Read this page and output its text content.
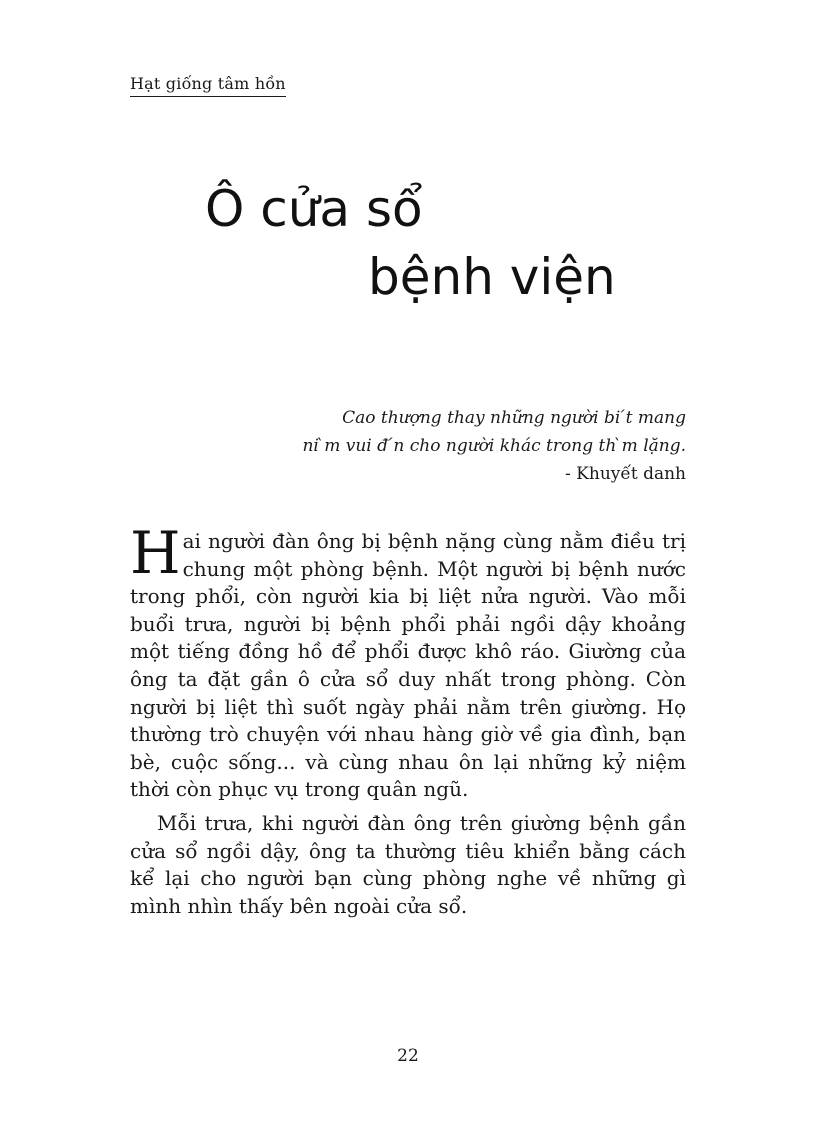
Hạt giống tâm hồn
Ô cửa sổ
bệnh viện
Cao thượng thay những người bi ́t mang
ni ̀m vui đ ́n cho người khác trong th ̀m lặng.
- Khuyết danh

Hai người đàn ông bị bệnh nặng cùng nằm điều trị chung một phòng bệnh. Một người bị bệnh nước trong phổi, còn người kia bị liệt nửa người. Vào mỗi buổi trưa, người bị bệnh phổi phải ngồi dậy khoảng một tiếng đồng hồ để phổi được khô ráo. Giường của ông ta đặt gần ô cửa sổ duy nhất trong phòng. Còn người bị liệt thì suốt ngày phải nằm trên giường. Họ thường trò chuyện với nhau hàng giờ về gia đình, bạn bè, cuộc sống... và cùng nhau ôn lại những kỷ niệm thời còn phục vụ trong quân ngũ.

Mỗi trưa, khi người đàn ông trên giường bệnh gần cửa sổ ngồi dậy, ông ta thường tiêu khiển bằng cách kể lại cho người bạn cùng phòng nghe về những gì mình nhìn thấy bên ngoài cửa sổ.

22
